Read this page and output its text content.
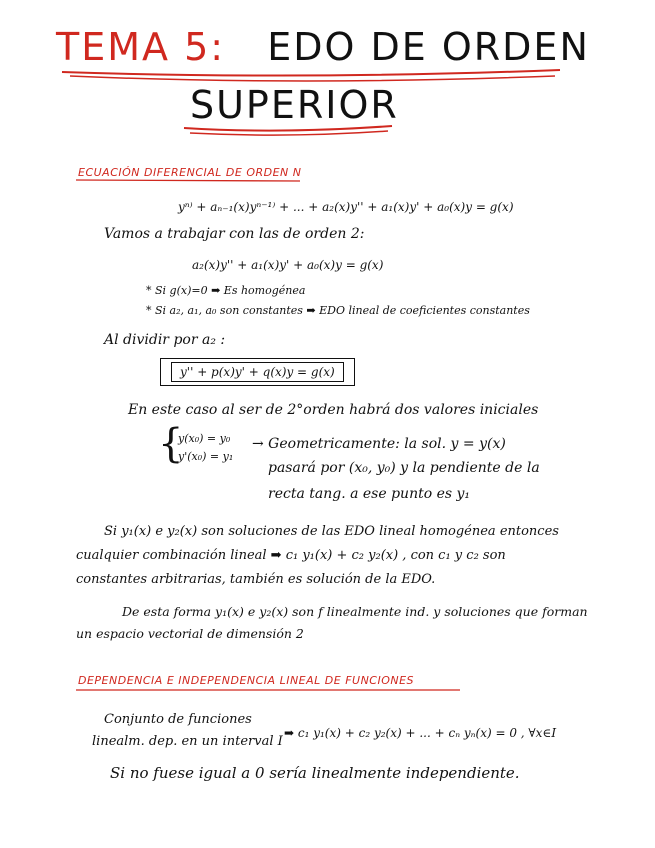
TEMA 5: EDO DE ORDEN
SUPERIOR
ECUACIÓN DIFERENCIAL DE ORDEN N
yⁿ⁾ + aₙ₋₁(x)yⁿ⁻¹⁾ + ... + a₂(x)y'' + a₁(x)y' + a₀(x)y = g(x)
Vamos a trabajar con las de orden 2:
a₂(x)y'' + a₁(x)y' + a₀(x)y = g(x)
* Si g(x)=0 ➡ Es homogénea
* Si a₂, a₁, a₀ son constantes ➡ EDO lineal de coeficientes constantes
Al dividir por a₂ :
y'' + p(x)y' + q(x)y = g(x)
En este caso al ser de 2°orden habrá dos valores iniciales
{
y(x₀) = y₀
y'(x₀) = y₁
→ Geometricamente: la sol. y = y(x)
pasará por (x₀, y₀) y la pendiente de la
recta tang. a ese punto es y₁
Si y₁(x) e y₂(x) son soluciones de las EDO lineal homogénea entonces
cualquier combinación lineal ➡ c₁ y₁(x) + c₂ y₂(x) , con c₁ y c₂ son
constantes arbitrarias, también es solución de la EDO.
De esta forma y₁(x) e y₂(x) son f linealmente ind. y soluciones que forman
un espacio vectorial de dimensión 2
DEPENDENCIA E INDEPENDENCIA LINEAL DE FUNCIONES
Conjunto de funciones
linealm. dep. en un interval I
➡ c₁ y₁(x) + c₂ y₂(x) + ... + cₙ yₙ(x) = 0 , ∀x∈I
Si no fuese igual a 0 sería linealmente independiente.
